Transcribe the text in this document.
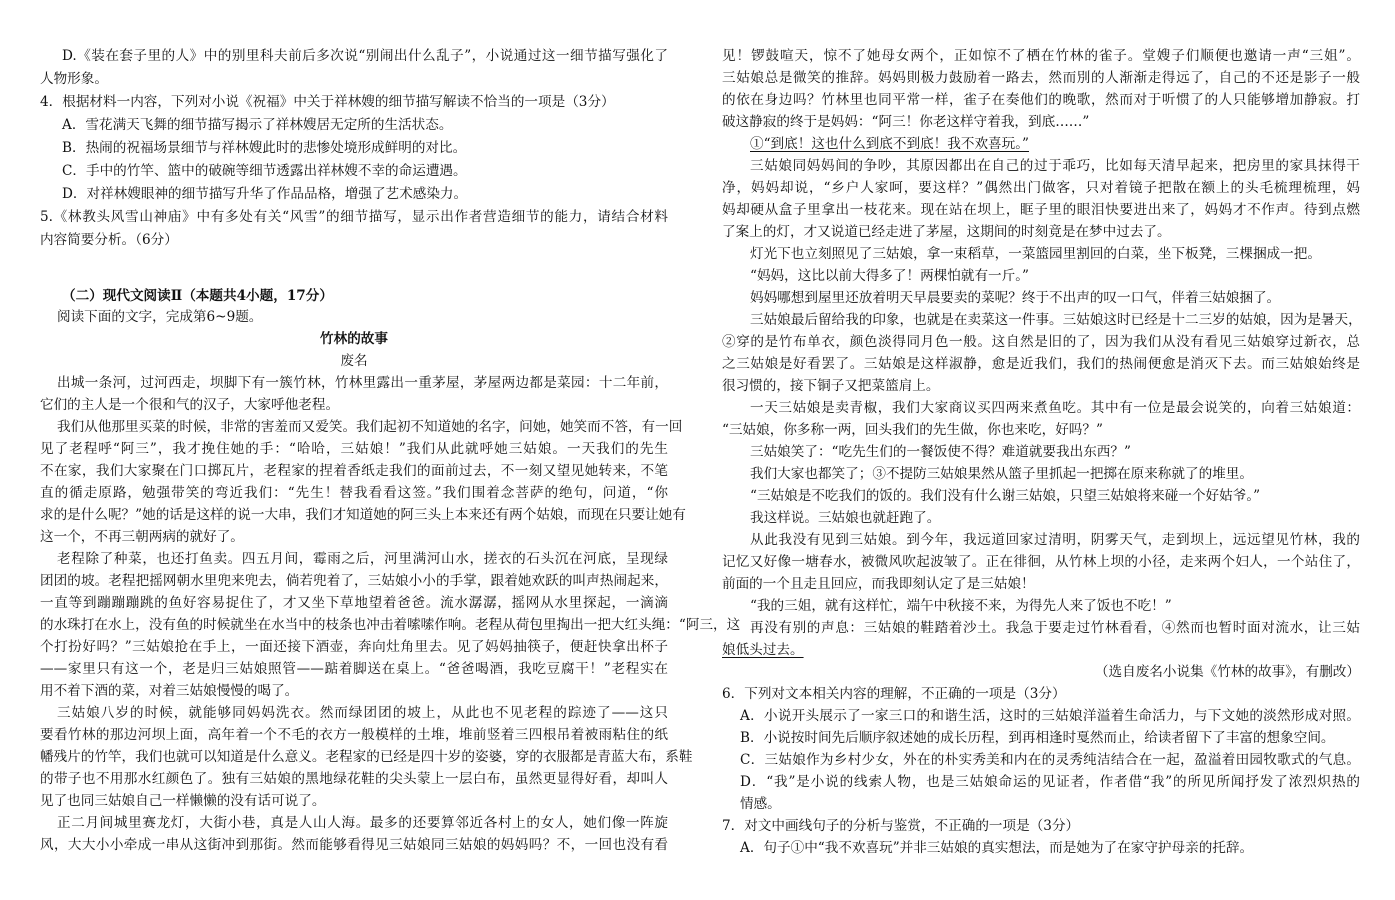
D.《装在套子里的人》中的别里科夫前后多次说“别闹出什么乱子”，小说通过这一细节描写强化了
人物形象。
4．根据材料一内容，下列对小说《祝福》中关于祥林嫂的细节描写解读不恰当的一项是（3分）
A．雪花满天飞舞的细节描写揭示了祥林嫂居无定所的生活状态。
B．热闹的祝福场景细节与祥林嫂此时的悲惨处境形成鲜明的对比。
C．手中的竹竿、篮中的破碗等细节透露出祥林嫂不幸的命运遭遇。
D．对祥林嫂眼神的细节描写升华了作品品格，增强了艺术感染力。
5.《林教头风雪山神庙》中有多处有关“风雪”的细节描写，显示出作者营造细节的能力，请结合材料
内容简要分析。（6分）
（二）现代文阅读Ⅱ（本题共4小题，17分）
阅读下面的文字，完成第6~9题。
竹林的故事
废名
出城一条河，过河西走，坝脚下有一簇竹林，竹林里露出一重茅屋，茅屋两边都是菜园：十二年前，
它们的主人是一个很和气的汉子，大家呼他老程。
我们从他那里买菜的时候，非常的害羞而又爱笑。我们起初不知道她的名字，问她，她笑而不答，有一回
见了老程呼“阿三”，我才挽住她的手：“哈哈，三姑娘！”我们从此就呼她三姑娘。一天我们的先生
不在家，我们大家聚在门口掷瓦片，老程家的捏着香纸走我们的面前过去，不一刻又望见她转来，不笔
直的循走原路，勉强带笑的弯近我们：“先生！替我看看这签。”我们围着念菩萨的绝句，问道，“你
求的是什么呢？”她的话是这样的说一大串，我们才知道她的阿三头上本来还有两个姑娘，而现在只要让她有
这一个，不再三朝两病的就好了。
老程除了种菜，也还打鱼卖。四五月间，霉雨之后，河里满河山水，搓衣的石头沉在河底，呈现绿
团团的坡。老程把摇网朝水里兜来兜去，倘若兜着了，三姑娘小小的手掌，跟着她欢跃的叫声热闹起来，
一直等到蹦蹦蹦跳的鱼好容易捉住了，才又坐下草地望着爸爸。流水潺潺，摇网从水里探起，一滴滴
的水珠打在水上，没有鱼的时候就坐在水当中的枝条也冲击着嗦嗦作响。老程从荷包里掏出一把大红头绳：“阿三，这
个打扮好吗？”三姑娘抢在手上，一面还接下酒壶，奔向灶角里去。见了妈妈抽筷子，便赶快拿出杯子
——家里只有这一个，老是归三姑娘照管——踮着脚送在桌上。“爸爸喝酒，我吃豆腐干！”老程实在
用不着下酒的菜，对着三姑娘慢慢的喝了。
三姑娘八岁的时候，就能够同妈妈洗衣。然而绿团团的坡上，从此也不见老程的踪迹了——这只
要看竹林的那边河坝上面，高年着一个不毛的衣方一般模样的土堆，堆前竖着三四根吊着被雨粘住的纸
幡残片的竹竿，我们也就可以知道是什么意义。老程家的已经是四十岁的姿婆，穿的衣服都是青蓝大布，系鞋
的带子也不用那水红颜色了。独有三姑娘的黑地绿花鞋的尖头蒙上一层白布，虽然更显得好看，却叫人
见了也同三姑娘自己一样懒懒的没有话可说了。
正二月间城里赛龙灯，大街小巷，真是人山人海。最多的还要算邻近各村上的女人，她们像一阵旋
风，大大小小牵成一串从这街冲到那街。然而能够看得见三姑娘同三姑娘的妈妈吗？不，一回也没有看
见！锣鼓喧天，惊不了她母女两个，正如惊不了栖在竹林的雀子。堂嫂子们顺便也邀请一声“三姐”。
三姑娘总是微笑的推辞。妈妈則极力鼓励着一路去，然而別的人渐渐走得远了，自己的不还是影子一般
的依在身边吗？竹林里也同平常一样，雀子在奏他们的晚歌，然而对于听惯了的人只能够增加静寂。打
破这静寂的终于是妈妈：“阿三！你老这样守着我，到底……”
①“到底！这也什么到底不到底！我不欢喜玩。”
三姑娘同妈妈间的争吵，其原因都出在自己的过于乖巧，比如每天清早起来，把房里的家具抹得干
净，妈妈却说，“乡户人家呵，要这样？”偶然出门做客，只对着镜子把散在额上的头毛梳理梳理，妈
妈却硬从盒子里拿出一枝花来。现在站在坝上，眶子里的眼泪快要进出来了，妈妈才不作声。待到点燃
了案上的灯，才又说道已经走进了茅屋，这期间的时刻竟是在梦中过去了。
灯光下也立刻照见了三姑娘，拿一束稻草，一菜篮园里割回的白菜，坐下板凳，三棵捆成一把。
“妈妈，这比以前大得多了！两棵怕就有一斤。”
妈妈哪想到屋里还放着明天早晨要卖的菜呢？终于不出声的叹一口气，伴着三姑娘捆了。
三姑娘最后留给我的印象，也就是在卖菜这一件事。三姑娘这时已经是十二三岁的姑娘，因为是暑天，
②穿的是竹布单衣，颜色淡得同月色一般。这自然是旧的了，因为我们从没有看见三姑娘穿过新衣，总
之三姑娘是好看罢了。三姑娘是这样淑静，愈是近我们，我们的热闹便愈是消灭下去。而三姑娘始终是
很习惯的，接下铜子又把菜篮肩上。
一天三姑娘是卖青椒，我们大家商议买四两来煮鱼吃。其中有一位是最会说笑的，向着三姑娘道：
“三姑娘，你多称一两，回头我们的先生做，你也来吃，好吗？”
三姑娘笑了：“吃先生们的一餐饭使不得？难道就要我出东西？”
我们大家也都笑了；③不提防三姑娘果然从篮子里抓起一把掷在原来称就了的堆里。
“三姑娘是不吃我们的饭的。我们没有什么谢三姑娘，只望三姑娘将来碰一个好姑爷。”
我这样说。三姑娘也就赶跑了。
从此我没有见到三姑娘。到今年，我远道回家过清明，阴雾天气，走到坝上，远远望见竹林，我的
记忆又好像一塘春水，被微风吹起波皱了。正在徘徊，从竹林上坝的小径，走来两个妇人，一个站住了，
前面的一个且走且回应，而我即刻认定了是三姑娘！
“我的三姐，就有这样忙，端午中秋接不来，为得先人来了饭也不吃！”
再没有别的声息：三姑娘的鞋踏着沙土。我急于要走过竹林看看，④然而也暂时面对流水，让三姑
娘低头过去。
（选自废名小说集《竹林的故事》，有删改）
6．下列对文本相关内容的理解，不正确的一项是（3分）
A．小说开头展示了一家三口的和谐生活，这时的三姑娘洋溢着生命活力，与下文她的淡然形成对照。
B．小说按时间先后顺序叙述她的成长历程，到再相逢时戛然而止，给读者留下了丰富的想象空间。
C．三姑娘作为乡村少女，外在的朴实秀美和内在的灵秀纯洁结合在一起，盈溢着田园牧歌式的气息。
D．“我”是小说的线索人物，也是三姑娘命运的见证者，作者借“我”的所见所闻抒发了浓烈炽热的
情感。
7．对文中画线句子的分析与鉴赏，不正确的一项是（3分）
A．句子①中“我不欢喜玩”并非三姑娘的真实想法，而是她为了在家守护母亲的托辞。
